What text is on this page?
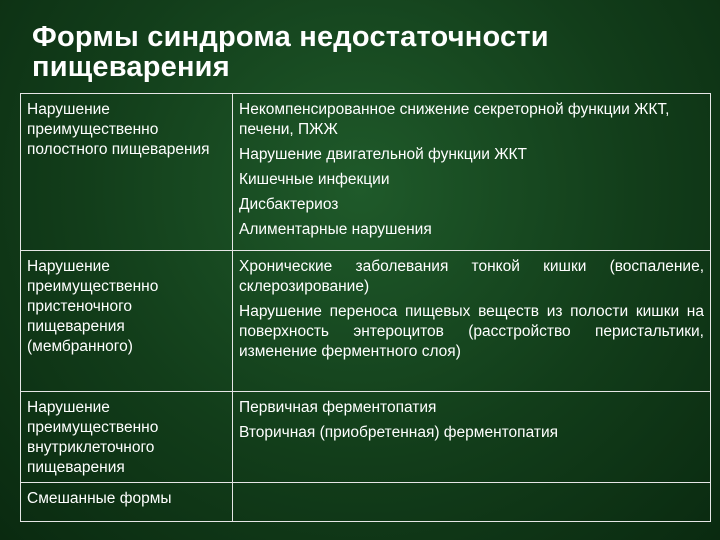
Формы синдрома недостаточности пищеварения
Нарушение преимущественно полостного пищеварения	Некомпенсированное снижение секреторной функции ЖКТ, печени, ПЖЖ
Нарушение двигательной функции ЖКТ
Кишечные инфекции
Дисбактериоз
Алиментарные нарушения

Нарушение преимущественно пристеночного пищеварения (мембранного)	Хронические заболевания тонкой кишки (воспаление, склерозирование)
Нарушение переноса пищевых веществ из полости кишки на поверхность энтероцитов (расстройство перистальтики, изменение ферментного слоя)

Нарушение преимущественно внутриклеточного пищеварения	Первичная ферментопатия
Вторичная (приобретенная) ферментопатия

Смешанные формы	
